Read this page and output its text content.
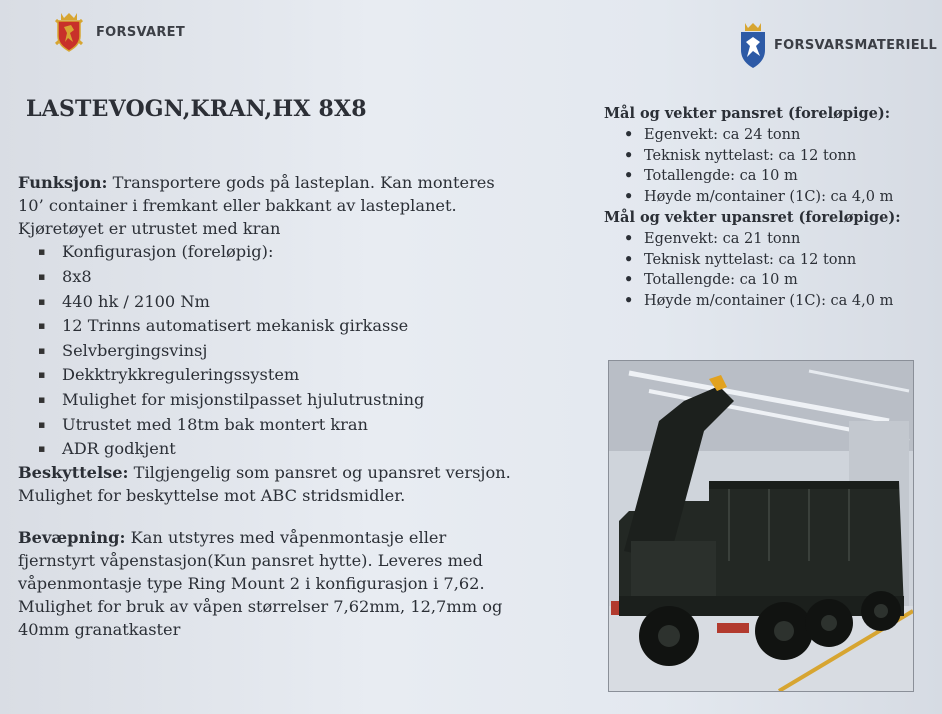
FORSVARET
FORSVARSMATERIELL
LASTEVOGN,KRAN,HX 8X8

Funksjon: Transportere gods på lasteplan. Kan monteres 10’ container i fremkant eller bakkant av lasteplanet. Kjøretøyet er utrustet med kran

▪ Konfigurasjon (foreløpig):
▪ 8x8
▪ 440 hk / 2100 Nm
▪ 12 Trinns automatisert mekanisk girkasse
▪ Selvbergingsvinsj
▪ Dekktrykkreguleringssystem
▪ Mulighet for misjonstilpasset hjulutrustning
▪ Utrustet med 18tm bak montert kran
▪ ADR godkjent

Beskyttelse: Tilgjengelig som pansret og upansret versjon. Mulighet for beskyttelse mot ABC stridsmidler.

Bevæpning: Kan utstyres med våpenmontasje eller fjernstyrt våpenstasjon(Kun pansret hytte). Leveres med våpenmontasje type Ring Mount 2 i konfigurasjon i 7,62. Mulighet for bruk av våpen størrelser 7,62mm, 12,7mm og 40mm granatkaster

Mål og vekter pansret (foreløpige):

• Egenvekt: ca 24 tonn
• Teknisk nyttelast: ca 12 tonn
• Totallengde: ca 10 m
• Høyde m/container (1C): ca 4,0 m

Mål og vekter upansret (foreløpige):

• Egenvekt: ca 21 tonn
• Teknisk nyttelast: ca 12 tonn
• Totallengde: ca 10 m
• Høyde m/container (1C): ca 4,0 m
